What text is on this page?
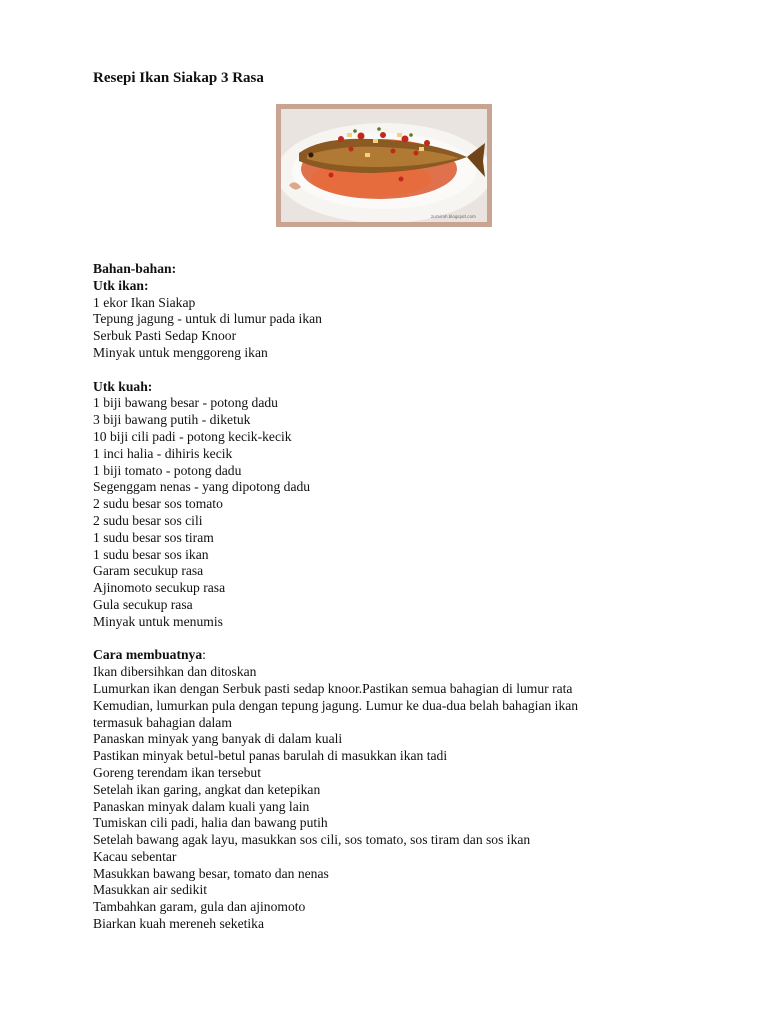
Resepi Ikan Siakap 3 Rasa
zurairah.blogspot.com
Bahan-bahan:
Utk ikan:
1 ekor Ikan Siakap
Tepung jagung - untuk di lumur pada ikan
Serbuk Pasti Sedap Knoor
Minyak untuk menggoreng ikan
Utk kuah:
1 biji bawang besar - potong dadu
3 biji bawang putih - diketuk
10 biji cili padi - potong kecik-kecik
1 inci halia - dihiris kecik
1 biji tomato - potong dadu
Segenggam nenas - yang dipotong dadu
2 sudu besar sos tomato
2 sudu besar sos cili
1 sudu besar sos tiram
1 sudu besar sos ikan
Garam secukup rasa
Ajinomoto secukup rasa
Gula secukup rasa
Minyak untuk menumis
Cara membuatnya:
Ikan dibersihkan dan ditoskan
Lumurkan ikan dengan Serbuk pasti sedap knoor.Pastikan semua bahagian di lumur rata
Kemudian, lumurkan pula dengan tepung jagung. Lumur ke dua-dua belah bahagian ikan
termasuk bahagian dalam
Panaskan minyak yang banyak di dalam kuali
Pastikan minyak betul-betul panas barulah di masukkan ikan tadi
Goreng terendam ikan tersebut
Setelah ikan garing, angkat dan ketepikan
Panaskan minyak dalam kuali yang lain
Tumiskan cili padi, halia dan bawang putih
Setelah bawang agak layu, masukkan sos cili, sos tomato, sos tiram dan sos ikan
Kacau sebentar
Masukkan bawang besar, tomato dan nenas
Masukkan air sedikit
Tambahkan garam, gula dan ajinomoto
Biarkan kuah mereneh seketika
